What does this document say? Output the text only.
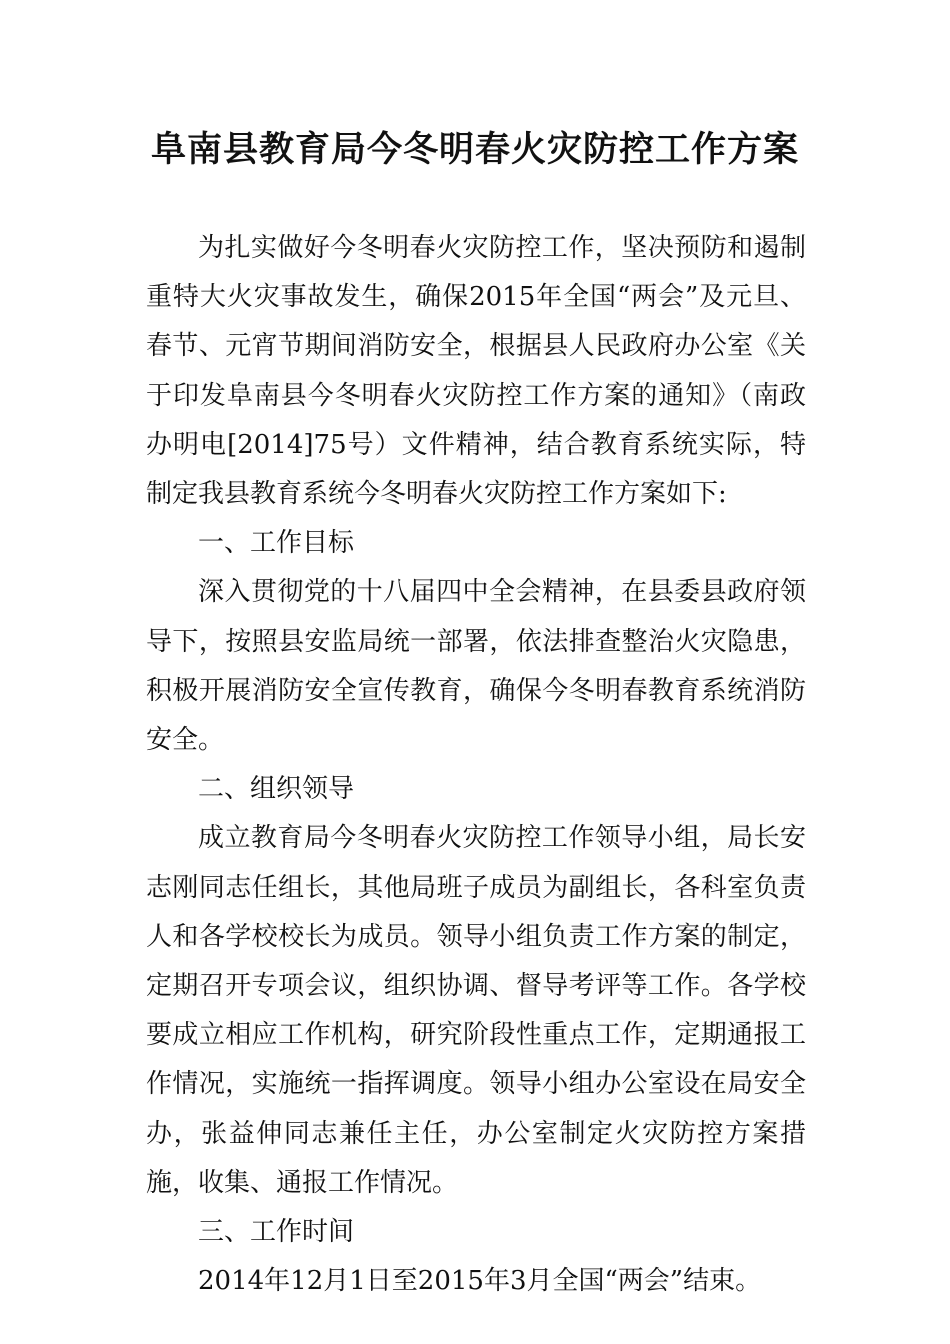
阜南县教育局今冬明春火灾防控工作方案

为扎实做好今冬明春火灾防控工作，坚决预防和遏制重特大火灾事故发生，确保2015年全国“两会”及元旦、春节、元宵节期间消防安全，根据县人民政府办公室《关于印发阜南县今冬明春火灾防控工作方案的通知》（南政办明电[2014]75号）文件精神，结合教育系统实际，特制定我县教育系统今冬明春火灾防控工作方案如下:

一、工作目标

深入贯彻党的十八届四中全会精神，在县委县政府领导下，按照县安监局统一部署，依法排查整治火灾隐患，积极开展消防安全宣传教育，确保今冬明春教育系统消防安全。

二、组织领导

成立教育局今冬明春火灾防控工作领导小组，局长安志刚同志任组长，其他局班子成员为副组长，各科室负责人和各学校校长为成员。领导小组负责工作方案的制定，定期召开专项会议，组织协调、督导考评等工作。各学校要成立相应工作机构，研究阶段性重点工作，定期通报工作情况，实施统一指挥调度。领导小组办公室设在局安全办，张益伸同志兼任主任，办公室制定火灾防控方案措施，收集、通报工作情况。

三、工作时间

2014年12月1日至2015年3月全国“两会”结束。
